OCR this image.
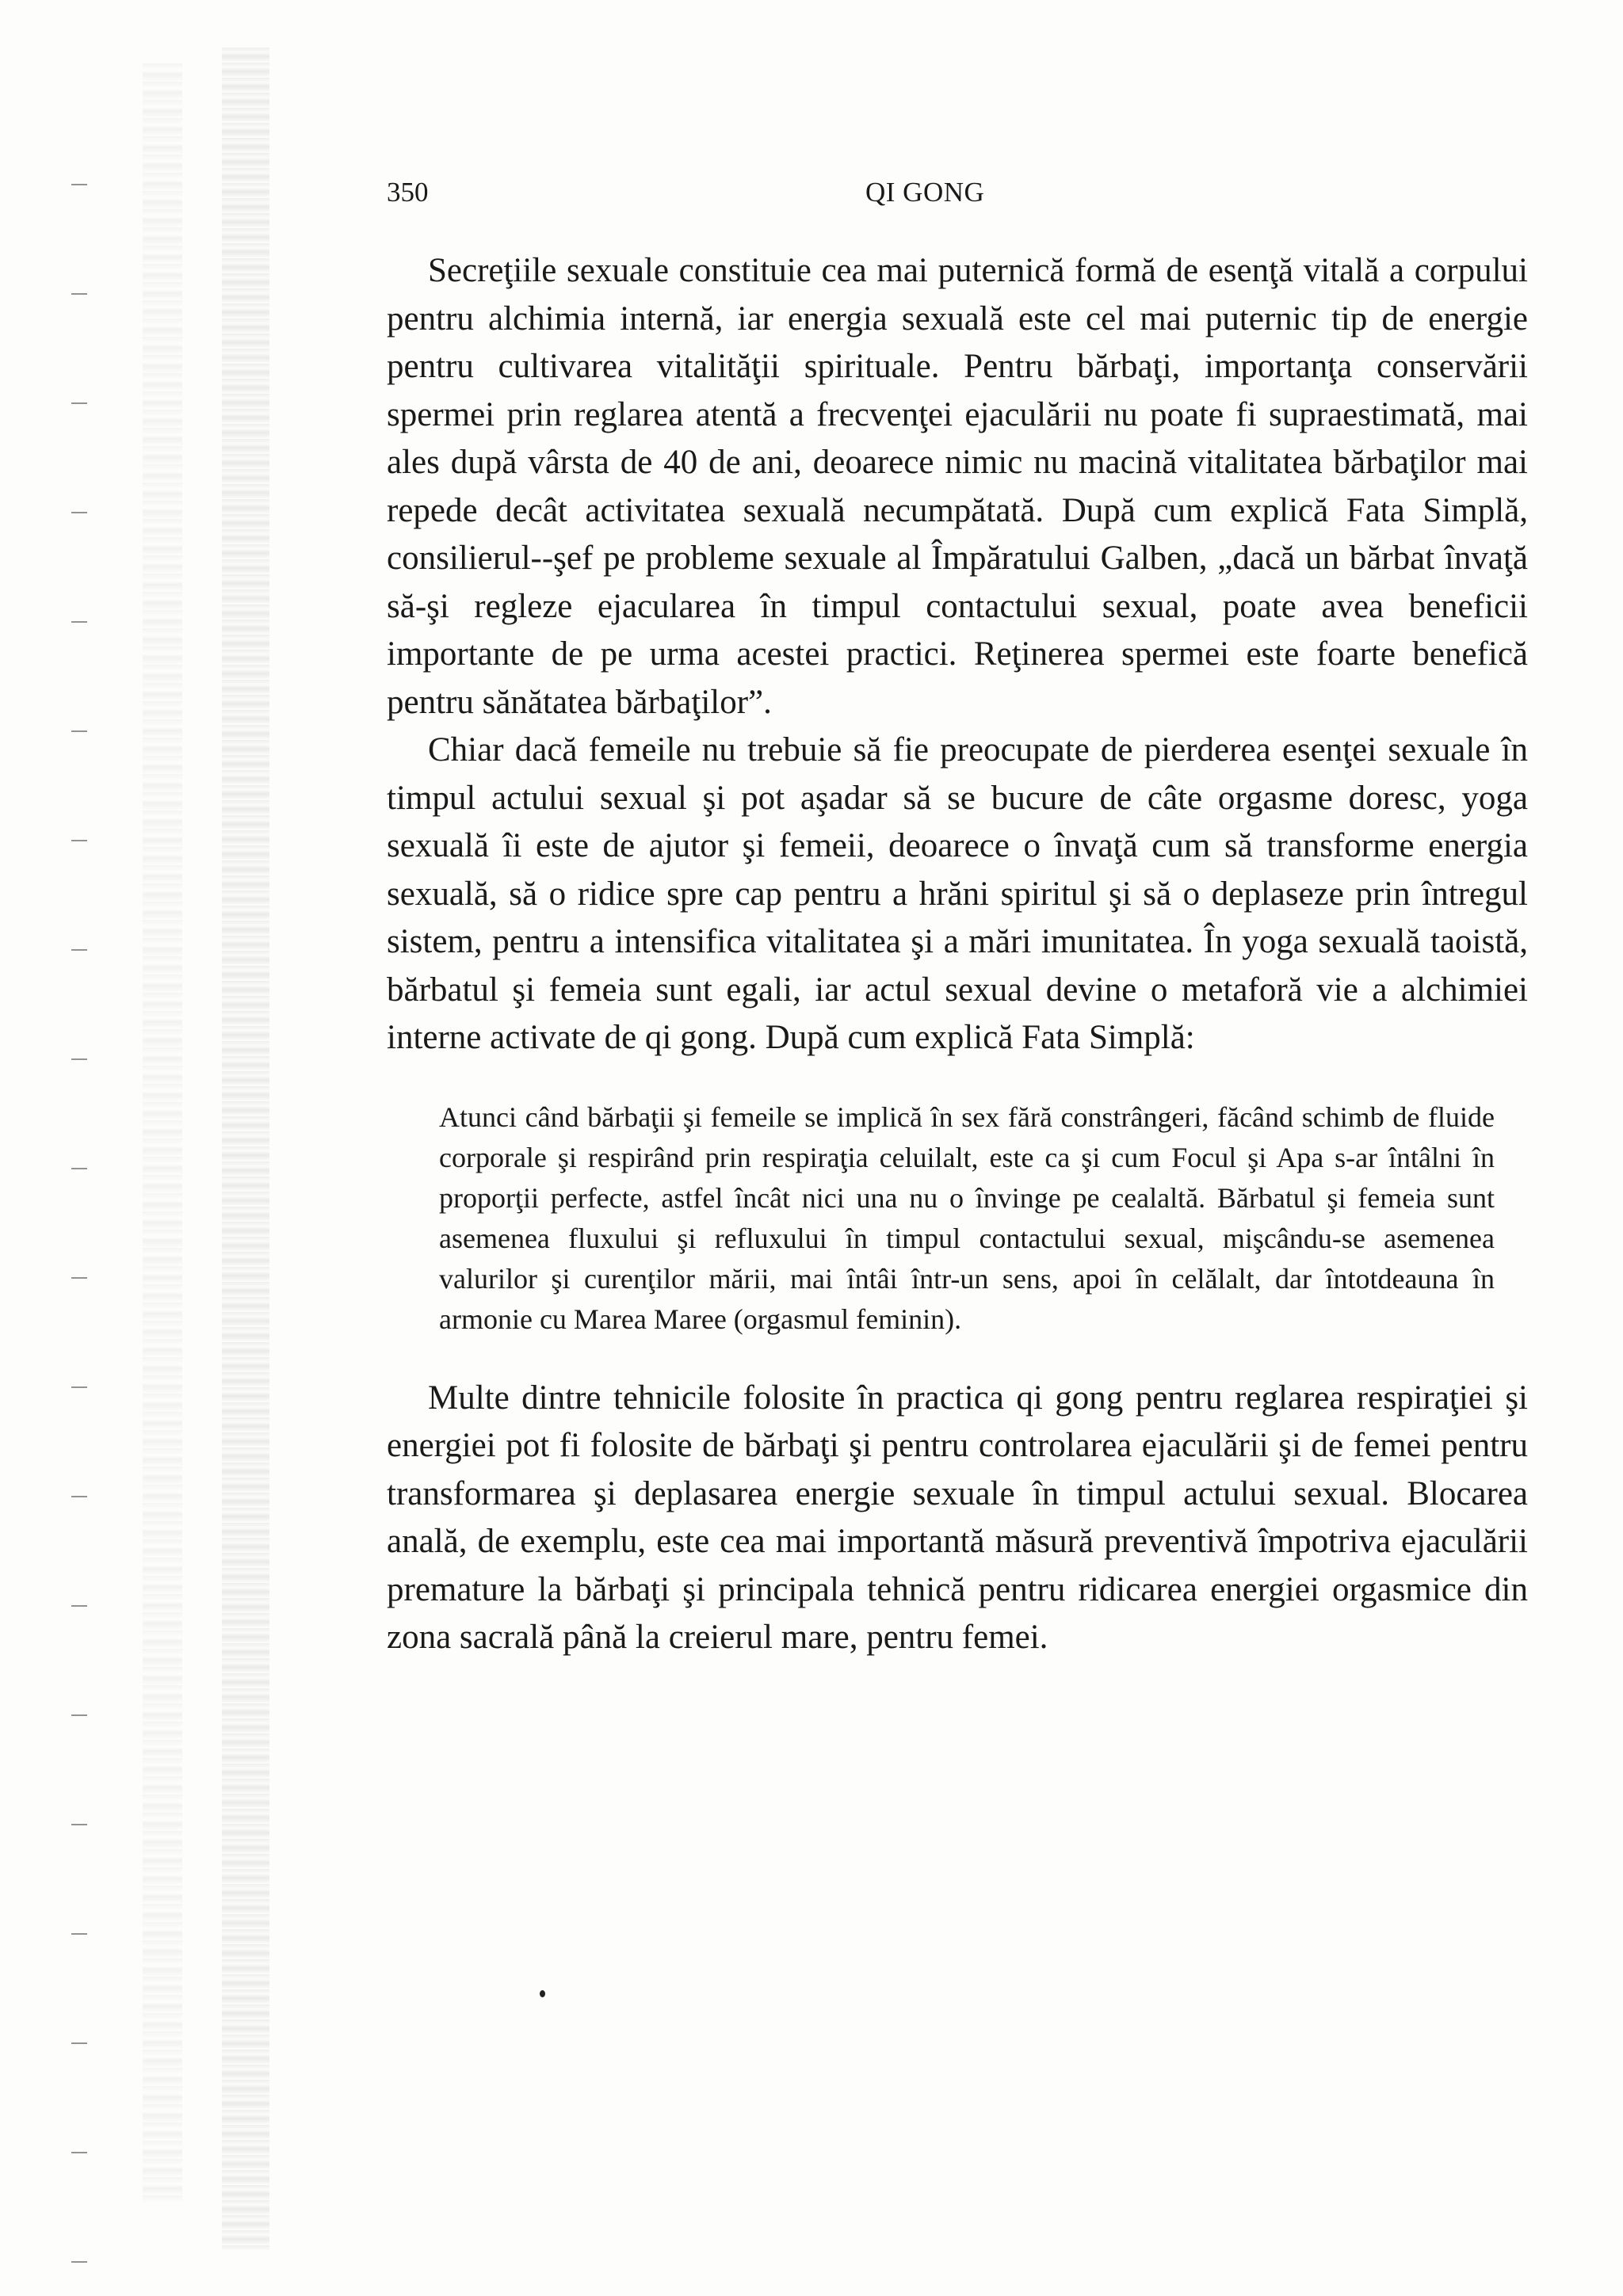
350	QI GONG

Secreţiile sexuale constituie cea mai puternică formă de esenţă vitală a corpului pentru alchimia internă, iar energia sexuală este cel mai puternic tip de energie pentru cultivarea vitalităţii spirituale. Pentru bărbaţi, importanţa conservării spermei prin reglarea atentă a frecvenţei ejaculării nu poate fi supraestimată, mai ales după vârsta de 40 de ani, deoarece nimic nu macină vitalitatea bărbaţilor mai repede decât activitatea sexuală necumpătată. După cum explică Fata Simplă, consilierul--şef pe probleme sexuale al Împăratului Galben, „dacă un bărbat învaţă să-şi regleze ejacularea în timpul contactului sexual, poate avea beneficii importante de pe urma acestei practici. Reţinerea spermei este foarte benefică pentru sănătatea bărbaţilor”.

Chiar dacă femeile nu trebuie să fie preocupate de pierderea esenţei sexuale în timpul actului sexual şi pot aşadar să se bucure de câte orgasme doresc, yoga sexuală îi este de ajutor şi femeii, deoarece o învaţă cum să transforme energia sexuală, să o ridice spre cap pentru a hrăni spiritul şi să o deplaseze prin întregul sistem, pentru a intensifica vitalitatea şi a mări imunitatea. În yoga sexuală taoistă, bărbatul şi femeia sunt egali, iar actul sexual devine o metaforă vie a alchimiei interne activate de qi gong. După cum explică Fata Simplă:

Atunci când bărbaţii şi femeile se implică în sex fără constrângeri, făcând schimb de fluide corporale şi respirând prin respiraţia celuilalt, este ca şi cum Focul şi Apa s-ar întâlni în proporţii perfecte, astfel încât nici una nu o învinge pe cealaltă. Bărbatul şi femeia sunt asemenea fluxului şi refluxului în timpul contactului sexual, mişcându-se asemenea valurilor şi curenţilor mării, mai întâi într-un sens, apoi în celălalt, dar întotdeauna în armonie cu Marea Maree (orgasmul feminin).

Multe dintre tehnicile folosite în practica qi gong pentru reglarea respiraţiei şi energiei pot fi folosite de bărbaţi şi pentru controlarea ejaculării şi de femei pentru transformarea şi deplasarea energie sexuale în timpul actului sexual. Blocarea anală, de exemplu, este cea mai importantă măsură preventivă împotriva ejaculării premature la bărbaţi şi principala tehnică pentru ridicarea energiei orgasmice din zona sacrală până la creierul mare, pentru femei.
